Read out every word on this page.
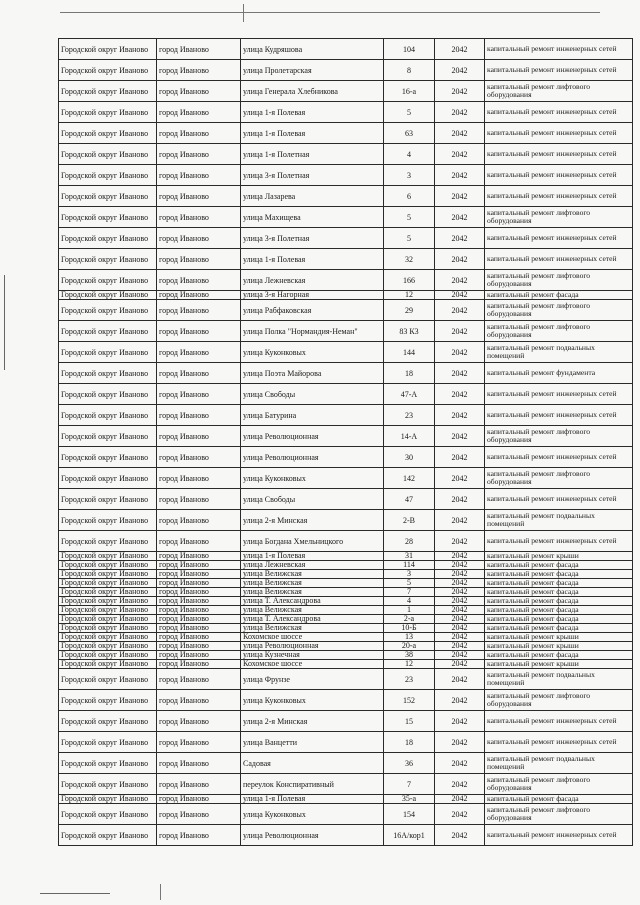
Городской округ Иваново	город Иваново	улица Кудряшова	104	2042	капитальный ремонт инженерных сетей
Городской округ Иваново	город Иваново	улица Пролетарская	8	2042	капитальный ремонт инженерных сетей
Городской округ Иваново	город Иваново	улица Генерала Хлебникова	16-а	2042	капитальный ремонт лифтового оборудования
Городской округ Иваново	город Иваново	улица 1-я Полевая	5	2042	капитальный ремонт инженерных сетей
Городской округ Иваново	город Иваново	улица 1-я Полевая	63	2042	капитальный ремонт инженерных сетей
Городской округ Иваново	город Иваново	улица 1-я Полетная	4	2042	капитальный ремонт инженерных сетей
Городской округ Иваново	город Иваново	улица 3-я Полетная	3	2042	капитальный ремонт инженерных сетей
Городской округ Иваново	город Иваново	улица Лазарева	6	2042	капитальный ремонт инженерных сетей
Городской округ Иваново	город Иваново	улица Махищева	5	2042	капитальный ремонт лифтового оборудования
Городской округ Иваново	город Иваново	улица 3-я Полетная	5	2042	капитальный ремонт инженерных сетей
Городской округ Иваново	город Иваново	улица 1-я Полевая	32	2042	капитальный ремонт инженерных сетей
Городской округ Иваново	город Иваново	улица Лежневская	166	2042	капитальный ремонт лифтового оборудования
Городской округ Иваново	город Иваново	улица 3-я Нагорная	12	2042	капитальный ремонт фасада
Городской округ Иваново	город Иваново	улица Рабфаковская	29	2042	капитальный ремонт лифтового оборудования
Городской округ Иваново	город Иваново	улица Полка "Нормандия-Неман"	83 К3	2042	капитальный ремонт лифтового оборудования
Городской округ Иваново	город Иваново	улица Куконковых	144	2042	капитальный ремонт подвальных помещений
Городской округ Иваново	город Иваново	улица Поэта Майорова	18	2042	капитальный ремонт фундамента
Городской округ Иваново	город Иваново	улица Свободы	47-А	2042	капитальный ремонт инженерных сетей
Городской округ Иваново	город Иваново	улица Батурина	23	2042	капитальный ремонт инженерных сетей
Городской округ Иваново	город Иваново	улица Революционная	14-А	2042	капитальный ремонт лифтового оборудования
Городской округ Иваново	город Иваново	улица Революционная	30	2042	капитальный ремонт инженерных сетей
Городской округ Иваново	город Иваново	улица Куконковых	142	2042	капитальный ремонт лифтового оборудования
Городской округ Иваново	город Иваново	улица Свободы	47	2042	капитальный ремонт инженерных сетей
Городской округ Иваново	город Иваново	улица 2-я Минская	2-В	2042	капитальный ремонт подвальных помещений
Городской округ Иваново	город Иваново	улица Богдана Хмельницкого	28	2042	капитальный ремонт инженерных сетей
Городской округ Иваново	город Иваново	улица 1-я Полевая	31	2042	капитальный ремонт крыши
Городской округ Иваново	город Иваново	улица Лежневская	114	2042	капитальный ремонт фасада
Городской округ Иваново	город Иваново	улица Велижская	3	2042	капитальный ремонт фасада
Городской округ Иваново	город Иваново	улица Велижская	5	2042	капитальный ремонт фасада
Городской округ Иваново	город Иваново	улица Велижская	7	2042	капитальный ремонт фасада
Городской округ Иваново	город Иваново	улица Т. Александрова	4	2042	капитальный ремонт фасада
Городской округ Иваново	город Иваново	улица Велижская	1	2042	капитальный ремонт фасада
Городской округ Иваново	город Иваново	улица Т. Александрова	2-а	2042	капитальный ремонт фасада
Городской округ Иваново	город Иваново	улица Велижская	10-Б	2042	капитальный ремонт фасада
Городской округ Иваново	город Иваново	Кохомское шоссе	13	2042	капитальный ремонт крыши
Городской округ Иваново	город Иваново	улица Революционная	20-а	2042	капитальный ремонт крыши
Городской округ Иваново	город Иваново	улица Кузнечная	38	2042	капитальный ремонт фасада
Городской округ Иваново	город Иваново	Кохомское шоссе	12	2042	капитальный ремонт крыши
Городской округ Иваново	город Иваново	улица Фрунзе	23	2042	капитальный ремонт подвальных помещений
Городской округ Иваново	город Иваново	улица Куконковых	152	2042	капитальный ремонт лифтового оборудования
Городской округ Иваново	город Иваново	улица 2-я Минская	15	2042	капитальный ремонт инженерных сетей
Городской округ Иваново	город Иваново	улица Ванцетти	18	2042	капитальный ремонт инженерных сетей
Городской округ Иваново	город Иваново	Садовая	36	2042	капитальный ремонт подвальных помещений
Городской округ Иваново	город Иваново	переулок Конспиративный	7	2042	капитальный ремонт лифтового оборудования
Городской округ Иваново	город Иваново	улица 1-я Полевая	35-а	2042	капитальный ремонт фасада
Городской округ Иваново	город Иваново	улица Куконковых	154	2042	капитальный ремонт лифтового оборудования
Городской округ Иваново	город Иваново	улица Революционная	16А/кор1	2042	капитальный ремонт инженерных сетей
